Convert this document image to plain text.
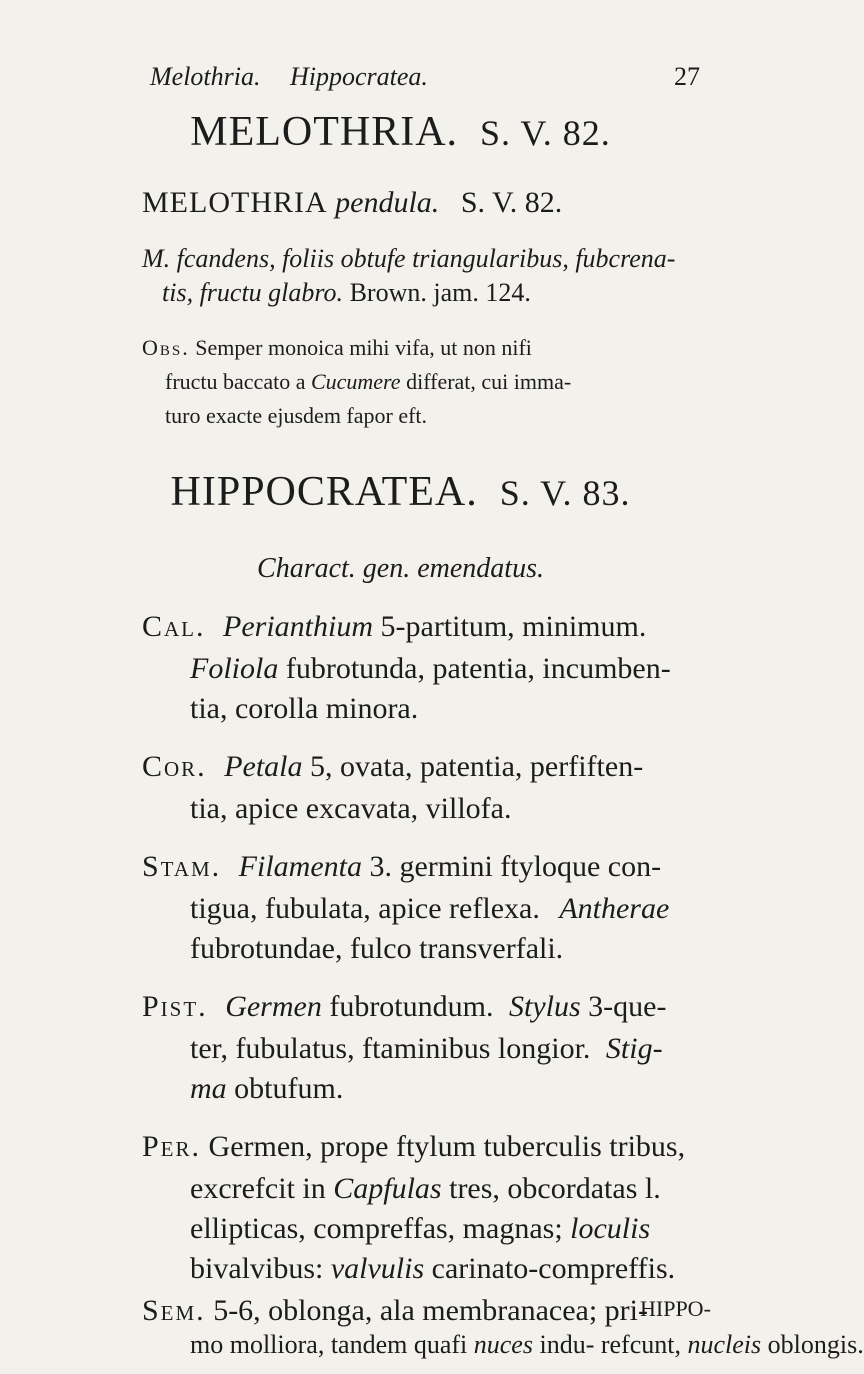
Melothria. Hippocratea.	27
MELOTHRIA. S. V. 82.
MELOTHRIA pendula. S. V. 82.
M. fcandens, foliis obtufe triangularibus, fubcrena-
tis, fructu glabro. Brown. jam. 124.
Obs. Semper monoica mihi vifa, ut non nifi
fructu baccato a Cucumere differat, cui imma-
turo exacte ejusdem fapor eft.
HIPPOCRATEA. S. V. 83.
Charact. gen. emendatus.
Cal. Perianthium 5-partitum, minimum.
Foliola fubrotunda, patentia, incumben-
tia, corolla minora.
Cor. Petala 5, ovata, patentia, perfiften-
tia, apice excavata, villofa.
Stam. Filamenta 3. germini ftyloque con-
tigua, fubulata, apice reflexa. Antherae
fubrotundae, fulco transverfali.
Pist. Germen fubrotundum. Stylus 3-que-
ter, fubulatus, ftaminibus longior. Stig-
ma obtufum.
Per. Germen, prope ftylum tuberculis tribus,
excrefcit in Capfulas tres, obcordatas l.
ellipticas, compreffas, magnas; loculis
bivalvibus: valvulis carinato-compreffis.
Sem. 5-6, oblonga, ala membranacea; pri-
mo molliora, tandem quafi nuces indu- refcunt, nucleis oblongis.
HIPPO-
